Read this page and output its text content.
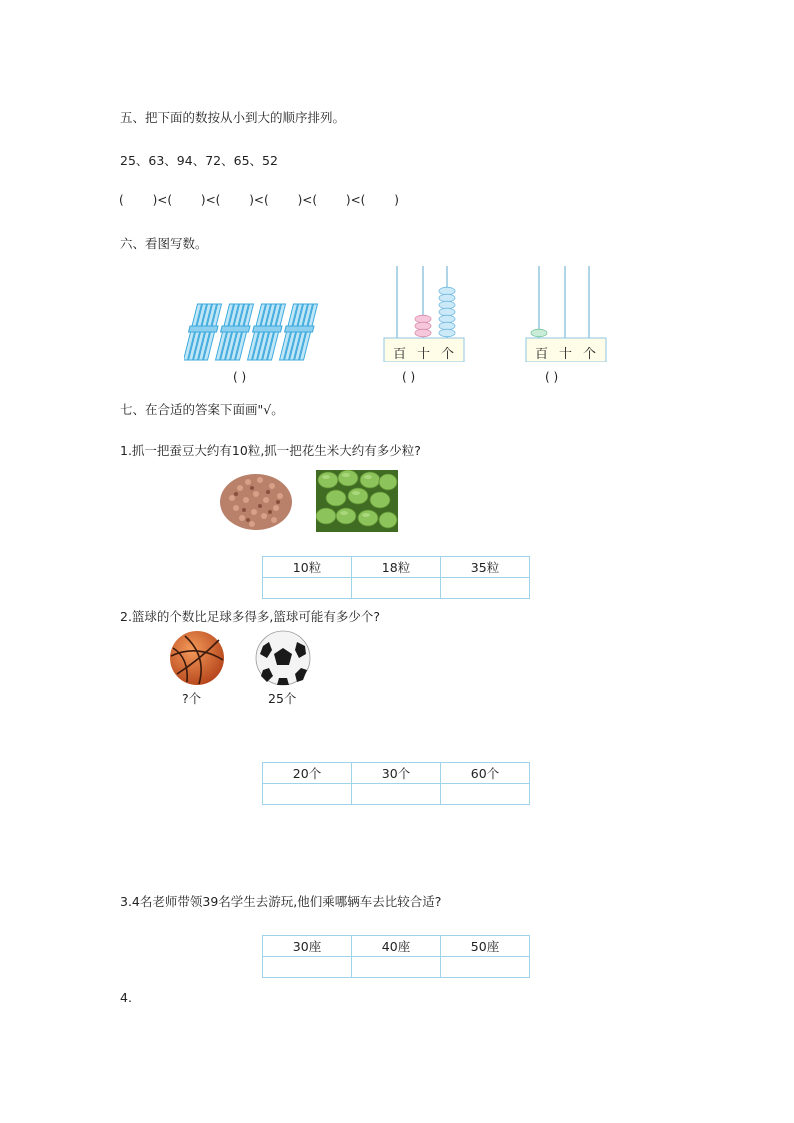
五、把下面的数按从小到大的顺序排列。
25、63、94、72、65、52
( )<( )<( )<( )<( )<( )
六、看图写数。
百 十 个	百 十 个
( )	( )	( )
七、在合适的答案下面画"√。
1.抓一把蚕豆大约有10粒,抓一把花生米大约有多少粒?
10粒	18粒	35粒

2.篮球的个数比足球多得多,篮球可能有多少个?
?个	25个
20个	30个	60个

3.4名老师带领39名学生去游玩,他们乘哪辆车去比较合适?
30座	40座	50座

4.
